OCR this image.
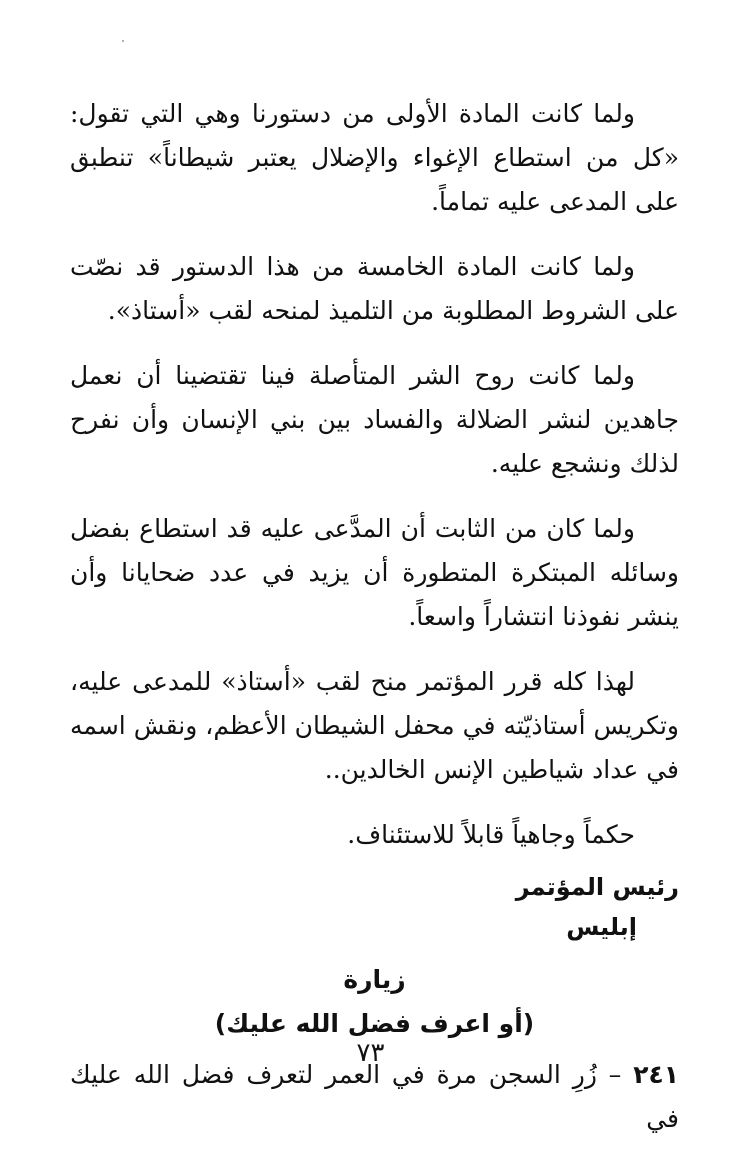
ولما كانت المادة الأولى من دستورنا وهي التي تقول: «كل من استطاع الإغواء والإضلال يعتبر شيطاناً» تنطبق على المدعى عليه تماماً.

ولما كانت المادة الخامسة من هذا الدستور قد نصّت على الشروط المطلوبة من التلميذ لمنحه لقب «أستاذ».

ولما كانت روح الشر المتأصلة فينا تقتضينا أن نعمل جاهدين لنشر الضلالة والفساد بين بني الإنسان وأن نفرح لذلك ونشجع عليه.

ولما كان من الثابت أن المدَّعى عليه قد استطاع بفضل وسائله المبتكرة المتطورة أن يزيد في عدد ضحايانا وأن ينشر نفوذنا انتشاراً واسعاً.

لهذا كله قرر المؤتمر منح لقب «أستاذ» للمدعى عليه، وتكريس أستاذيّته في محفل الشيطان الأعظم، ونقش اسمه في عداد شياطين الإنس الخالدين..

حكماً وجاهياً قابلاً للاستئناف.

رئيس المؤتمر

إبليس

زيارة
(أو اعرف فضل الله عليك)

٢٤١ – زُرِ السجن مرة في العمر لتعرف فضل الله عليك في

٧٣
